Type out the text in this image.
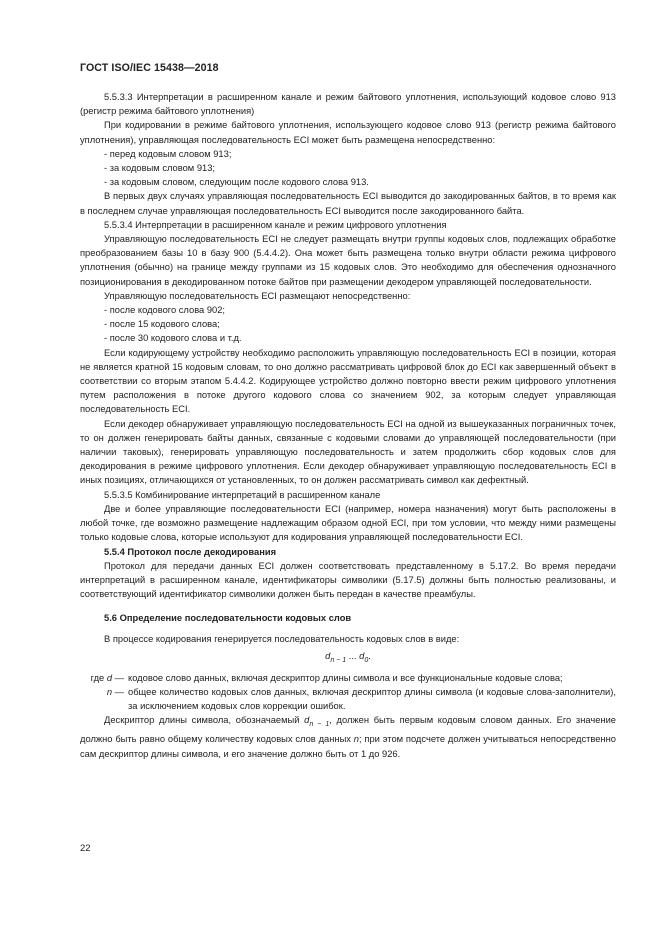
ГОСТ ISO/IEC 15438—2018

5.5.3.3 Интерпретации в расширенном канале и режим байтового уплотнения, использующий кодовое слово 913 (регистр режима байтового уплотнения)

При кодировании в режиме байтового уплотнения, использующего кодовое слово 913 (регистр режима байтового уплотнения), управляющая последовательность ECI может быть размещена непосредственно:

- перед кодовым словом 913;

- за кодовым словом 913;

- за кодовым словом, следующим после кодового слова 913.

В первых двух случаях управляющая последовательность ECI выводится до закодированных байтов, в то время как в последнем случае управляющая последовательность ECI выводится после закодированного байта.

5.5.3.4 Интерпретации в расширенном канале и режим цифрового уплотнения

Управляющую последовательность ECI не следует размещать внутри группы кодовых слов, подлежащих обработке преобразованием базы 10 в базу 900 (5.4.4.2). Она может быть размещена только внутри области режима цифрового уплотнения (обычно) на границе между группами из 15 кодовых слов. Это необходимо для обеспечения однозначного позиционирования в декодированном потоке байтов при размещении декодером управляющей последовательности.

Управляющую последовательность ECI размещают непосредственно:

- после кодового слова 902;

- после 15 кодового слова;

- после 30 кодового слова и т.д.

Если кодирующему устройству необходимо расположить управляющую последовательность ECI в позиции, которая не является кратной 15 кодовым словам, то оно должно рассматривать цифровой блок до ECI как завершенный объект в соответствии со вторым этапом 5.4.4.2. Кодирующее устройство должно повторно ввести режим цифрового уплотнения путем расположения в потоке другого кодового слова со значением 902, за которым следует управляющая последовательность ECI.

Если декодер обнаруживает управляющую последовательность ECI на одной из вышеуказанных пограничных точек, то он должен генерировать байты данных, связанные с кодовыми словами до управляющей последовательности (при наличии таковых), генерировать управляющую последовательность и затем продолжить сбор кодовых слов для декодирования в режиме цифрового уплотнения. Если декодер обнаруживает управляющую последовательность ECI в иных позициях, отличающихся от установленных, то он должен рассматривать символ как дефектный.

5.5.3.5 Комбинирование интерпретаций в расширенном канале

Две и более управляющие последовательности ECI (например, номера назначения) могут быть расположены в любой точке, где возможно размещение надлежащим образом одной ECI, при том условии, что между ними размещены только кодовые слова, которые используют для кодирования управляющей последовательности ECI.

5.5.4 Протокол после декодирования

Протокол для передачи данных ECI должен соответствовать представленному в 5.17.2. Во время передачи интерпретаций в расширенном канале, идентификаторы символики (5.17.5) должны быть полностью реализованы, и соответствующий идентификатор символики должен быть передан в качестве преамбулы.

5.6 Определение последовательности кодовых слов

В процессе кодирования генерируется последовательность кодовых слов в виде:

$d_{n - 1}$ ... $d_0$.
где d — кодовое слово данных, включая дескриптор длины символа и все функциональные кодовые слова;
n — общее количество кодовых слов данных, включая дескриптор длины символа (и кодовые слова-заполнители), за исключением кодовых слов коррекции ошибок.

Дескриптор длины символа, обозначаемый $d_{n - 1}$, должен быть первым кодовым словом данных. Его значение должно быть равно общему количеству кодовых слов данных n; при этом подсчете должен учитываться непосредственно сам дескриптор длины символа, и его значение должно быть от 1 до 926.

22
